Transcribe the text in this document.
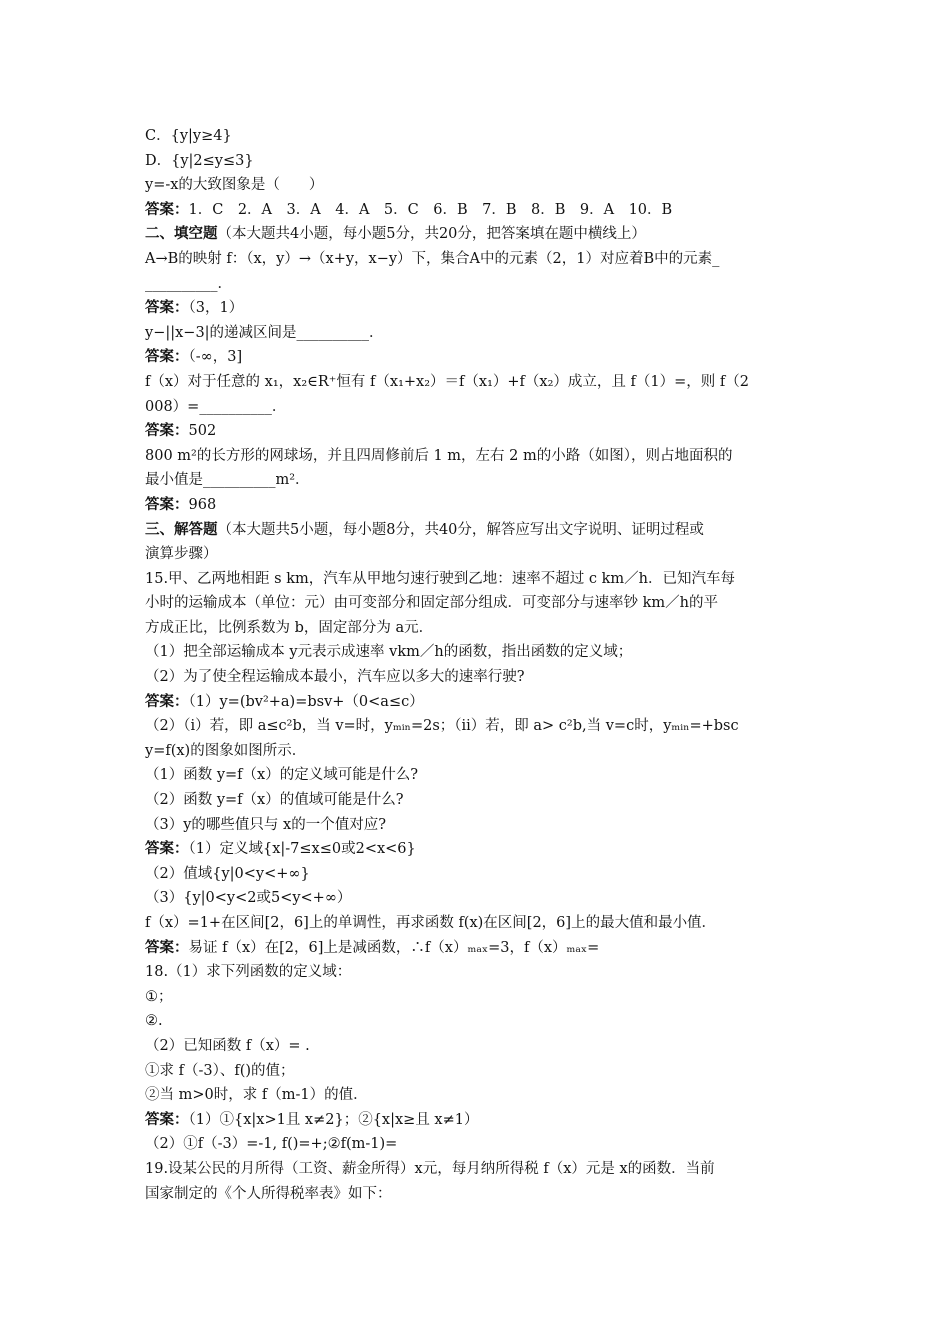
C．{y|y≥4}
D．{y|2≤y≤3}
y=-x的大致图象是（　　）
答案：1．C　2．A　3．A　4．A　5．C　6．B　7．B　8．B　9．A　10．B
二、填空题（本大题共4小题，每小题5分，共20分，把答案填在题中横线上）
A→B的映射 f：（x，y）→（x+y，x−y）下，集合A中的元素（2，1）对应着B中的元素_
__________．
答案：（3，1）
y−||x−3|的递减区间是__________．
答案：（-∞，3]
f（x）对于任意的 x₁，x₂∈R⁺恒有 f（x₁+x₂）＝f（x₁）+f（x₂）成立，且 f（1）=，则 f（2
008）=__________．
答案：502
800 m²的长方形的网球场，并且四周修前后 1 m，左右 2 m的小路（如图），则占地面积的
最小值是__________m²．
答案：968
三、解答题（本大题共5小题，每小题8分，共40分，解答应写出文字说明、证明过程或
演算步骤）
15.甲、乙两地相距 s km，汽车从甲地匀速行驶到乙地：速率不超过 c km／h．已知汽车每
小时的运输成本（单位：元）由可变部分和固定部分组成．可变部分与速率钞 km／h的平
方成正比，比例系数为 b，固定部分为 a元．
（1）把全部运输成本 y元表示成速率 vkm／h的函数，指出函数的定义域；
（2）为了使全程运输成本最小，汽车应以多大的速率行驶?
答案：（1）y=(bv²+a)=bsv+（0<a≤c）
（2）（i）若，即 a≤c²b，当 v=时，yₘᵢₙ=2s；（ii）若，即 a> c²b,当 v=c时，yₘᵢₙ=+bsc
y=f(x)的图象如图所示．
（1）函数 y=f（x）的定义域可能是什么?
（2）函数 y=f（x）的值域可能是什么?
（3）y的哪些值只与 x的一个值对应?
答案：（1）定义域{x|-7≤x≤0或2<x<6}
（2）值域{y|0<y<+∞}
（3）{y|0<y<2或5<y<+∞）
f（x）=1+在区间[2，6]上的单调性，再求函数 f(x)在区间[2，6]上的最大值和最小值．
答案：易证 f（x）在[2，6]上是减函数，∴f（x）ₘₐₓ=3，f（x）ₘₐₓ=
18.（1）求下列函数的定义域：
①；
②.
（2）已知函数 f（x）= .
①求 f（-3）、f()的值；
②当 m>0时，求 f（m-1）的值．
答案：（1）①{x|x>1且 x≠2}；②{x|x≥且 x≠1）
（2）①f（-3）=-1, f()=+;②f(m-1)=
19.设某公民的月所得（工资、薪金所得）x元，每月纳所得税 f（x）元是 x的函数．当前
国家制定的《个人所得税率表》如下：
